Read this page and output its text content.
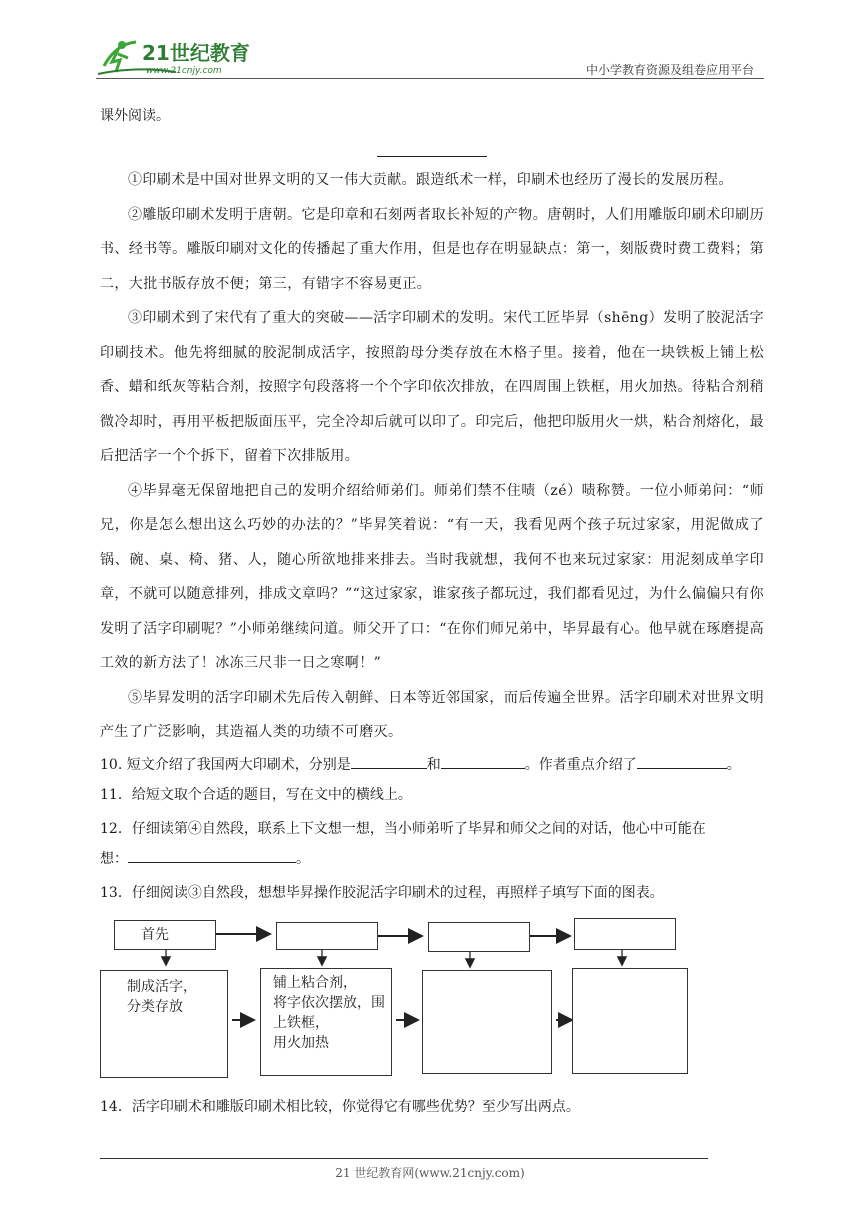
21世纪教育
www.21cnjy.com	中小学教育资源及组卷应用平台
课外阅读。

①印刷术是中国对世界文明的又一伟大贡献。跟造纸术一样，印刷术也经历了漫长的发展历程。

②雕版印刷术发明于唐朝。它是印章和石刻两者取长补短的产物。唐朝时，人们用雕版印刷术印刷历书、经书等。雕版印刷对文化的传播起了重大作用，但是也存在明显缺点：第一，刻版费时费工费料；第二，大批书版存放不便；第三，有错字不容易更正。

③印刷术到了宋代有了重大的突破——活字印刷术的发明。宋代工匠毕昇（shēng）发明了胶泥活字印刷技术。他先将细腻的胶泥制成活字，按照韵母分类存放在木格子里。接着，他在一块铁板上铺上松香、蜡和纸灰等粘合剂，按照字句段落将一个个字印依次排放，在四周围上铁框，用火加热。待粘合剂稍微冷却时，再用平板把版面压平，完全冷却后就可以印了。印完后，他把印版用火一烘，粘合剂熔化，最后把活字一个个拆下，留着下次排版用。

④毕昇毫无保留地把自己的发明介绍给师弟们。师弟们禁不住啧（zé）啧称赞。一位小师弟问：“师兄，你是怎么想出这么巧妙的办法的？”毕昇笑着说：“有一天，我看见两个孩子玩过家家，用泥做成了锅、碗、桌、椅、猪、人，随心所欲地排来排去。当时我就想，我何不也来玩过家家：用泥刻成单字印章，不就可以随意排列，排成文章吗？”“这过家家，谁家孩子都玩过，我们都看见过，为什么偏偏只有你发明了活字印刷呢？”小师弟继续问道。师父开了口：“在你们师兄弟中，毕昇最有心。他早就在琢磨提高工效的新方法了！冰冻三尺非一日之寒啊！”

⑤毕昇发明的活字印刷术先后传入朝鲜、日本等近邻国家，而后传遍全世界。活字印刷术对世界文明产生了广泛影响，其造福人类的功绩不可磨灭。

10. 短文介绍了我国两大印刷术，分别是	和	。作者重点介绍了	。

11．给短文取个合适的题目，写在文中的横线上。

12．仔细读第④自然段，联系上下文想一想，当小师弟听了毕昇和师父之间的对话，他心中可能在
想：	。

13．仔细阅读③自然段，想想毕昇操作胶泥活字印刷术的过程，再照样子填写下面的图表。

首先
制成活字，
分类存放
铺上粘合剂，
将字依次摆放，围
上铁框，
用火加热

14．活字印刷术和雕版印刷术相比较，你觉得它有哪些优势？至少写出两点。

21 世纪教育网(www.21cnjy.com)
